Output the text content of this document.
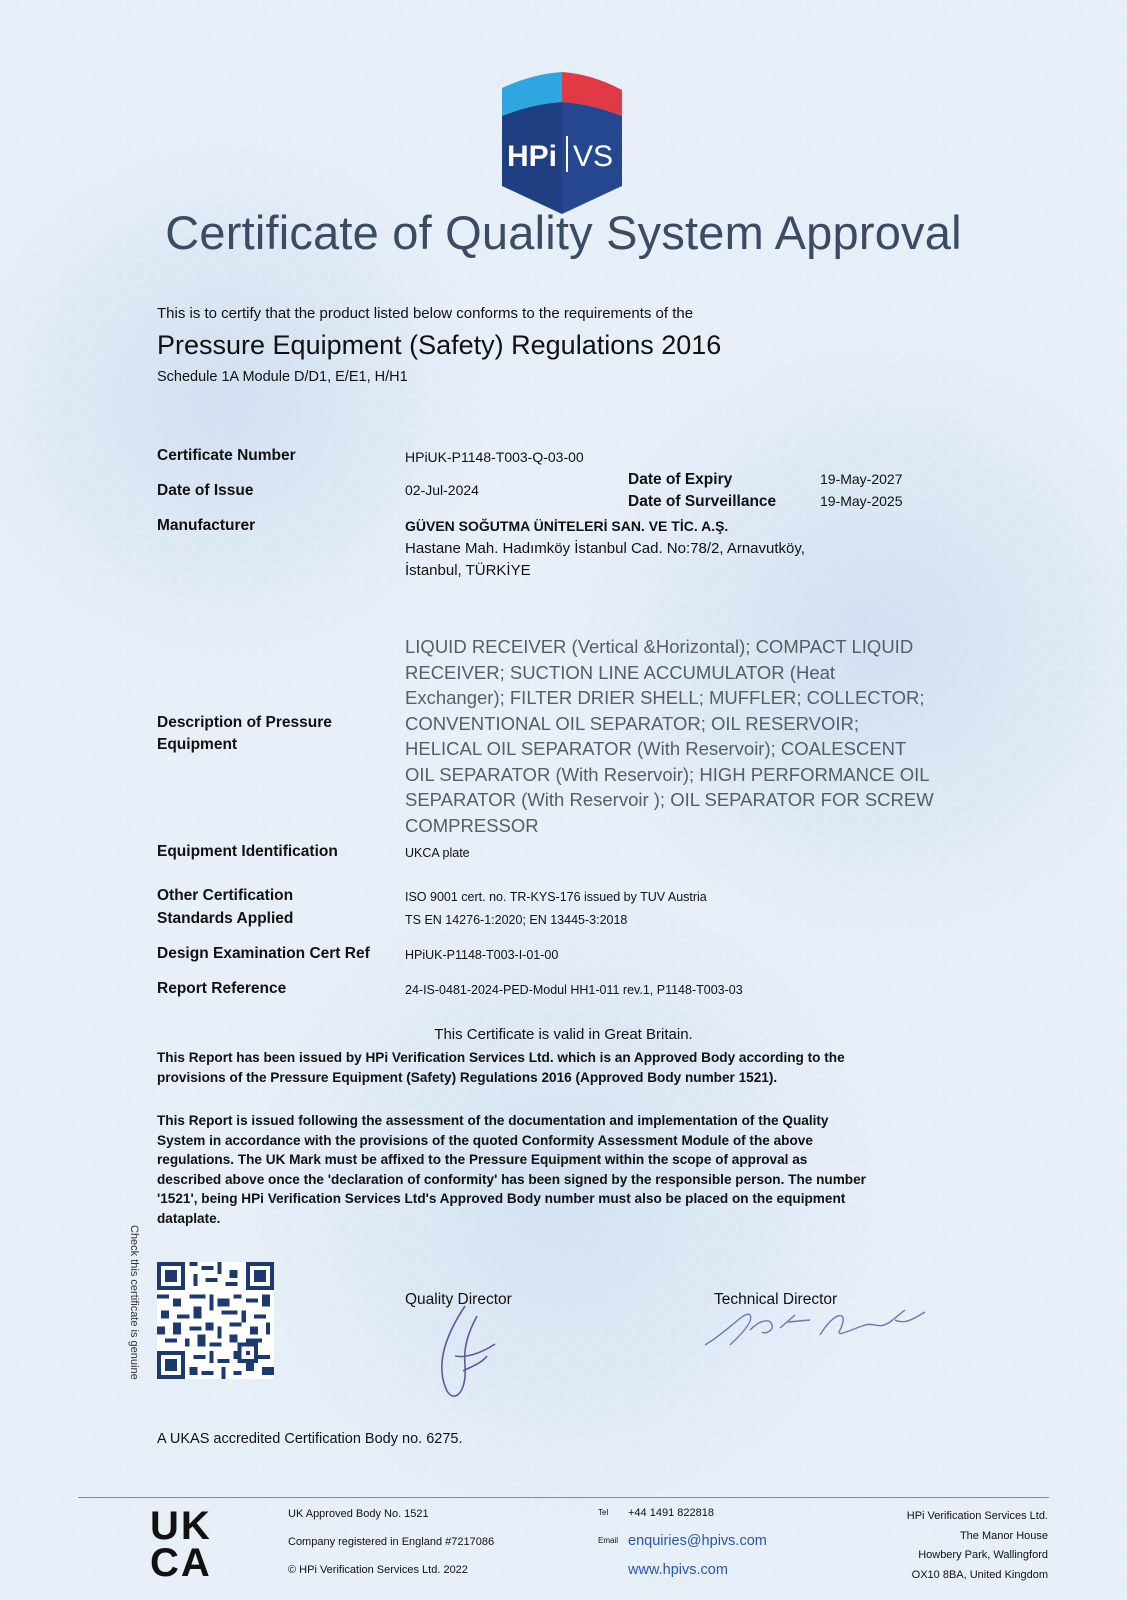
HPi VS
Certificate of Quality System Approval
This is to certify that the product listed below conforms to the requirements of the
Pressure Equipment (Safety) Regulations 2016
Schedule 1A Module D/D1, E/E1, H/H1
Certificate Number	HPiUK-P1148-T003-Q-03-00
Date of Issue	02-Jul-2024
Date of Expiry	19-May-2027
Date of Surveillance	19-May-2025
Manufacturer	GÜVEN SOĞUTMA ÜNİTELERİ SAN. VE TİC. A.Ş.
Hastane Mah. Hadımköy İstanbul Cad. No:78/2, Arnavutköy,
İstanbul, TÜRKİYE
Description of Pressure
Equipment
LIQUID RECEIVER (Vertical &Horizontal); COMPACT LIQUID
RECEIVER; SUCTION LINE ACCUMULATOR (Heat
Exchanger); FILTER DRIER SHELL; MUFFLER; COLLECTOR;
CONVENTIONAL OIL SEPARATOR; OIL RESERVOIR;
HELICAL OIL SEPARATOR (With Reservoir); COALESCENT
OIL SEPARATOR (With Reservoir); HIGH PERFORMANCE OIL
SEPARATOR (With Reservoir ); OIL SEPARATOR FOR SCREW
COMPRESSOR
Equipment Identification	UKCA plate
Other Certification	ISO 9001 cert. no. TR-KYS-176 issued by TUV Austria
Standards Applied	TS EN 14276-1:2020; EN 13445-3:2018
Design Examination Cert Ref	HPiUK-P1148-T003-I-01-00
Report Reference	24-IS-0481-2024-PED-Modul HH1-011 rev.1, P1148-T003-03
This Certificate is valid in Great Britain.
This Report has been issued by HPi Verification Services Ltd. which is an Approved Body according to the
provisions of the Pressure Equipment (Safety) Regulations 2016 (Approved Body number 1521).
This Report is issued following the assessment of the documentation and implementation of the Quality
System in accordance with the provisions of the quoted Conformity Assessment Module of the above
regulations. The UK Mark must be affixed to the Pressure Equipment within the scope of approval as
described above once the 'declaration of conformity' has been signed by the responsible person. The number
'1521', being HPi Verification Services Ltd's Approved Body number must also be placed on the equipment
dataplate.
Check this certificate is genuine	Quality Director	Technical Director
A UKAS accredited Certification Body no. 6275.
UK
CA
UK Approved Body No. 1521
Company registered in England #7217086
© HPi Verification Services Ltd. 2022
Tel +44 1491 822818
Email enquiries@hpivs.com
www.hpivs.com
HPi Verification Services Ltd.
The Manor House
Howbery Park, Wallingford
OX10 8BA, United Kingdom
